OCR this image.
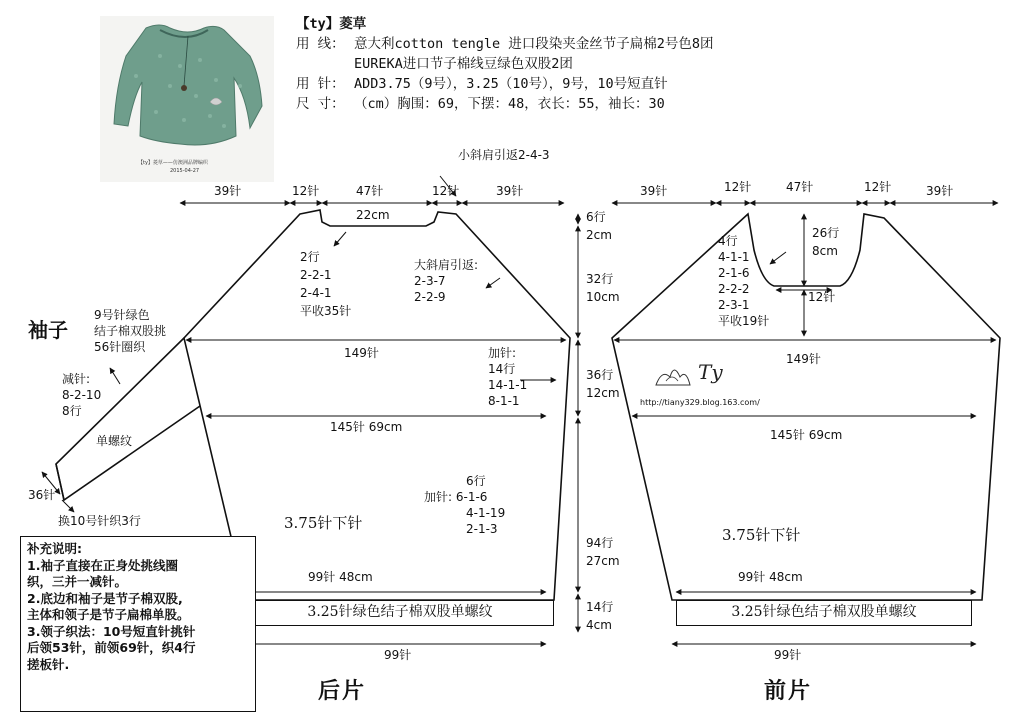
【ty】菱草——仿澳洲品牌编织
2015-04-27
【ty】菱草
用 线： 意大利cotton tengle 进口段染夹金丝节子扁棉2号色8团
EUREKA进口节子棉线豆绿色双股2团
用 针： ADD3.75（9号），3.25（10号），9号，10号短直针
尺 寸： （cm）胸围：69，下摆：48，衣长：55，袖长：30
39针	12针	47针	12针	39针
小斜肩引返2-4-3
22cm
2行
2-2-1
2-4-1
平收35针
大斜肩引返:
2-3-7
2-2-9
149针	加针:
14行
14-1-1
8-1-1
145针 69cm
6行
加针: 6-1-6
4-1-19
2-1-3
3.75针下针
99针 48cm
3.25针绿色结子棉双股单螺纹
99针
后片
6行
2cm
32行
10cm
36行
12cm
94行
27cm
14行
4cm
袖子
9号针绿色
结子棉双股挑
56针圈织
减针:
8-2-10
8行
单螺纹
36针
换10号针织3行
补充说明:
1.袖子直接在正身处挑线圈
织，三并一减针。
2.底边和袖子是节子棉双股,
主体和领子是节子扁棉单股。
3.领子织法：10号短直针挑针
后领53针，前领69针，织4行
搓板针.
39针	12针	47针	12针	39针
26行
8cm
12针
4行
4-1-1
2-1-6
2-2-2
2-3-1
平收19针
149针
145针 69cm
3.75针下针
99针 48cm
3.25针绿色结子棉双股单螺纹
99针
前片
Ty
http://tiany329.blog.163.com/
